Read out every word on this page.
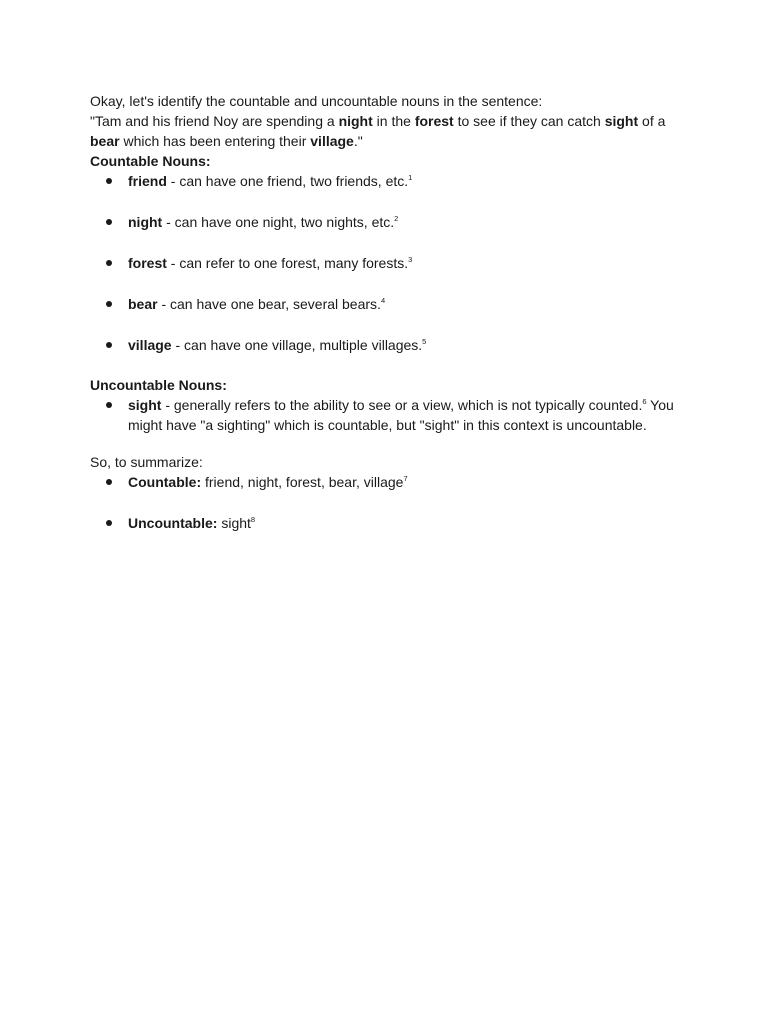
Okay, let's identify the countable and uncountable nouns in the sentence:

"Tam and his friend Noy are spending a night in the forest to see if they can catch sight of a bear which has been entering their village."

Countable Nouns:

friend - can have one friend, two friends, etc.$^1$
night - can have one night, two nights, etc.$^2$
forest - can refer to one forest, many forests.$^3$
bear - can have one bear, several bears.$^4$
village - can have one village, multiple villages.$^5$

Uncountable Nouns:

sight - generally refers to the ability to see or a view, which is not typically counted.$^6$ You might have "a sighting" which is countable, but "sight" in this context is uncountable.

So, to summarize:

Countable: friend, night, forest, bear, village$^7$
Uncountable: sight$^8$
